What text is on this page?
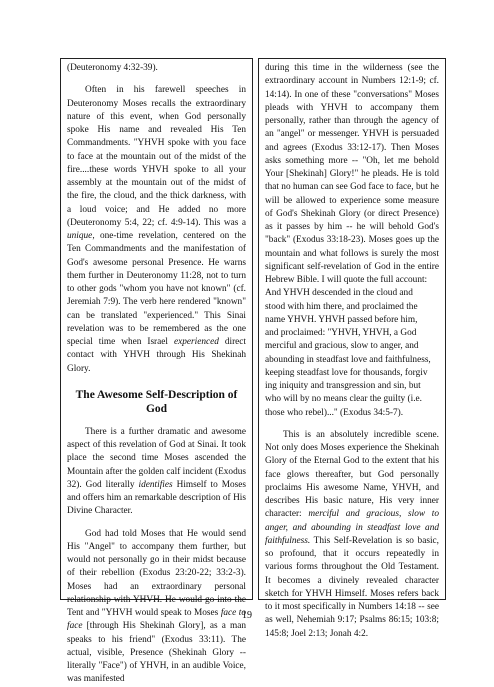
(Deuteronomy 4:32-39).

Often in his farewell speeches in Deuteronomy Moses recalls the extraordinary nature of this event, when God personally spoke His name and revealed His Ten Commandments. "YHVH spoke with you face to face at the mountain out of the midst of the fire....these words YHVH spoke to all your assembly at the mountain out of the midst of the fire, the cloud, and the thick darkness, with a loud voice; and He added no more (Deuteronomy 5:4, 22; cf. 4:9-14). This was a unique, one-time revelation, centered on the Ten Commandments and the manifestation of God's awesome personal Presence. He warns them further in Deuteronomy 11:28, not to turn to other gods "whom you have not known" (cf. Jeremiah 7:9). The verb here rendered "known" can be translated "experienced." This Sinai revelation was to be remembered as the one special time when Israel experienced direct contact with YHVH through His Shekinah Glory.

The Awesome Self-Description of
God

There is a further dramatic and awesome aspect of this revelation of God at Sinai. It took place the second time Moses ascended the Mountain after the golden calf incident (Exodus 32). God literally identifies Himself to Moses and offers him an remarkable description of His Divine Character.

God had told Moses that He would send His "Angel" to accompany them further, but would not personally go in their midst because of their rebellion (Exodus 23:20-22; 33:2-3). Moses had an extraordinary personal relationship with YHVH. He would go into the Tent and "YHVH would speak to Moses face to face [through His Shekinah Glory], as a man speaks to his friend" (Exodus 33:11). The actual, visible, Presence (Shekinah Glory -- literally "Face") of YHVH, in an audible Voice, was manifested

during this time in the wilderness (see the extraordinary account in Numbers 12:1-9; cf. 14:14). In one of these "conversations" Moses pleads with YHVH to accompany them personally, rather than through the agency of an "angel" or messenger. YHVH is persuaded and agrees (Exodus 33:12-17). Then Moses asks something more -- "Oh, let me behold Your [Shekinah] Glory!" he pleads. He is told that no human can see God face to face, but he will be allowed to experience some measure of God's Shekinah Glory (or direct Presence) as it passes by him -- he will behold God's "back" (Exodus 33:18-23). Moses goes up the mountain and what follows is surely the most significant self-revelation of God in the entire Hebrew Bible. I will quote the full account:

And YHVH descended in the cloud and
stood with him there, and proclaimed the
name YHVH. YHVH passed before him,
and proclaimed: "YHVH, YHVH, a God
merciful and gracious, slow to anger, and
abounding in steadfast love and faithfulness,
keeping steadfast love for thousands, forgiv
ing iniquity and transgression and sin, but
who will by no means clear the guilty (i.e.
those who rebel)..." (Exodus 34:5-7).

This is an absolutely incredible scene. Not only does Moses experience the Shekinah Glory of the Eternal God to the extent that his face glows thereafter, but God personally proclaims His awesome Name, YHVH, and describes His basic nature, His very inner character: merciful and gracious, slow to anger, and abounding in steadfast love and faithfulness. This Self-Revelation is so basic, so profound, that it occurs repeatedly in various forms throughout the Old Testament. It becomes a divinely revealed character sketch for YHVH Himself. Moses refers back to it most specifically in Numbers 14:18 -- see as well, Nehemiah 9:17; Psalms 86:15; 103:8; 145:8; Joel 2:13; Jonah 4:2.

19
